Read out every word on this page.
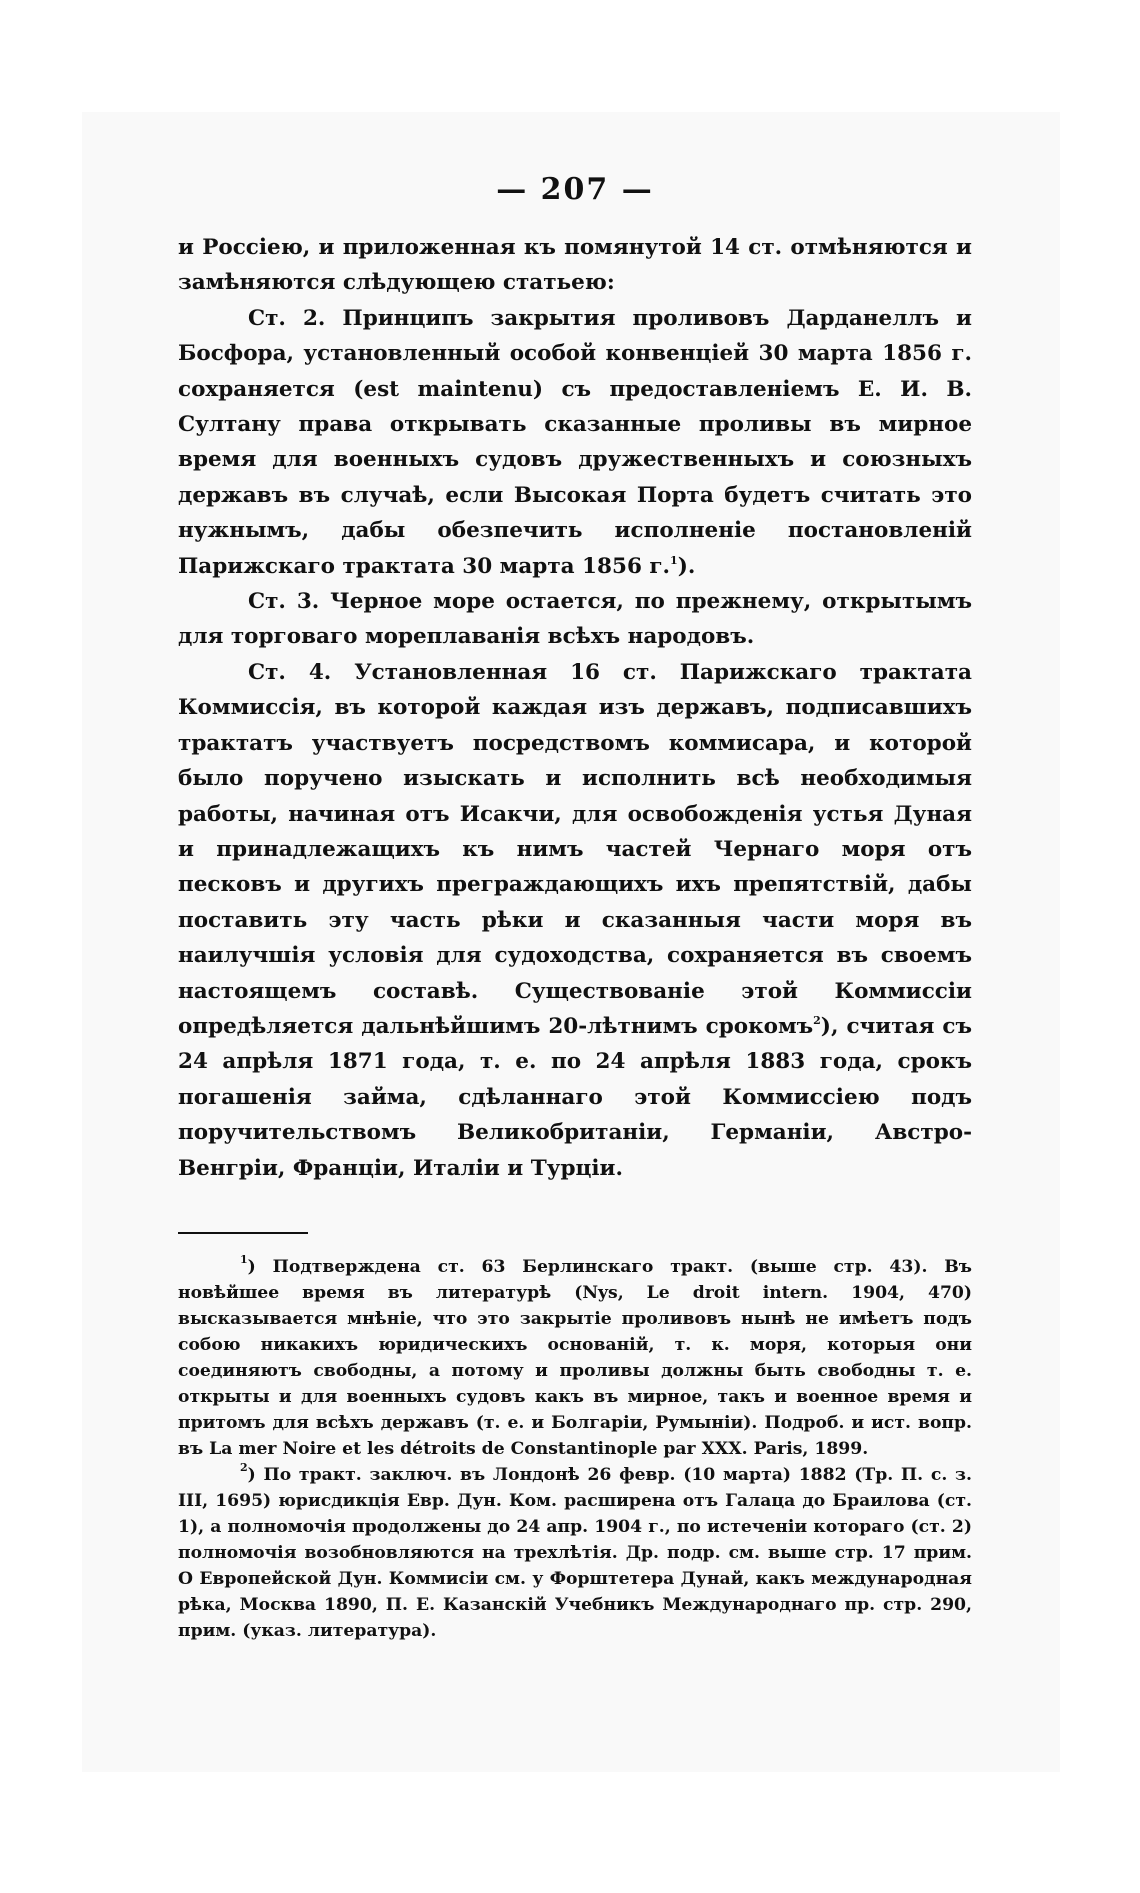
— 207 —

и Россiею, и приложенная къ помянутой 14 ст. отмѣняются и замѣняются слѣдующею статьею:

Ст. 2. Принципъ закрытия проливовъ Дарданеллъ и Босфора, установленный особой конвенцiей 30 марта 1856 г. сохраняется (est maintenu) съ предоставленiемъ Е. И. В. Султану права открывать сказанные проливы въ мирное время для военныхъ судовъ дружественныхъ и союзныхъ державъ въ случаѣ, если Высокая Порта будетъ считать это нужнымъ, дабы обезпечить исполненiе постановленiй Парижскаго трактата 30 марта 1856 г.$^1$).

Ст. 3. Черное море остается, по прежнему, открытымъ для торговаго мореплаванiя всѣхъ народовъ.

Ст. 4. Установленная 16 ст. Парижскаго трактата Коммиссiя, въ которой каждая изъ державъ, подписавшихъ трактатъ участвуетъ посредствомъ коммисара, и которой было поручено изыскать и исполнить всѣ необходимыя работы, начиная отъ Исакчи, для освобожденiя устья Дуная и принадлежащихъ къ нимъ частей Чернаго моря отъ песковъ и другихъ преграждающихъ ихъ препятствiй, дабы поставить эту часть рѣки и сказанныя части моря въ наилучшiя условiя для судоходства, сохраняется въ своемъ настоящемъ составѣ. Существованiе этой Коммиссiи опредѣляется дальнѣйшимъ 20-лѣтнимъ срокомъ$^2$), считая съ 24 апрѣля 1871 года, т. е. по 24 апрѣля 1883 года, срокъ погашенiя займа, сдѣланнаго этой Коммиссiею подъ поручительствомъ Великобританiи, Германiи, Австро-Венгрiи, Францiи, Италiи и Турцiи.

$^1$) Подтверждена ст. 63 Берлинскаго тракт. (выше стр. 43). Въ новѣйшее время въ литературѣ (Nys, Le droit intern. 1904, 470) высказывается мнѣнiе, что это закрытiе проливовъ нынѣ не имѣетъ подъ собою никакихъ юридическихъ основанiй, т. к. моря, которыя они соединяютъ свободны, а потому и проливы должны быть свободны т. е. открыты и для военныхъ судовъ какъ въ мирное, такъ и военное время и притомъ для всѣхъ державъ (т. е. и Болгарiи, Румынiи). Подроб. и ист. вопр. въ La mer Noire et les détroits de Constantinople par XXX. Paris, 1899.

$^2$) По тракт. заключ. въ Лондонѣ 26 февр. (10 марта) 1882 (Тр. П. с. з. III, 1695) юрисдикцiя Евр. Дун. Ком. расширена отъ Галаца до Браилова (ст. 1), а полномочiя продолжены до 24 апр. 1904 г., по истеченiи котораго (ст. 2) полномочiя возобновляются на трехлѣтiя. Др. подр. см. выше стр. 17 прим. О Европейской Дун. Коммисiи см. у Форштетера Дунай, какъ международная рѣка, Москва 1890, П. Е. Казанскiй Учебникъ Международнаго пр. стр. 290, прим. (указ. литература).
